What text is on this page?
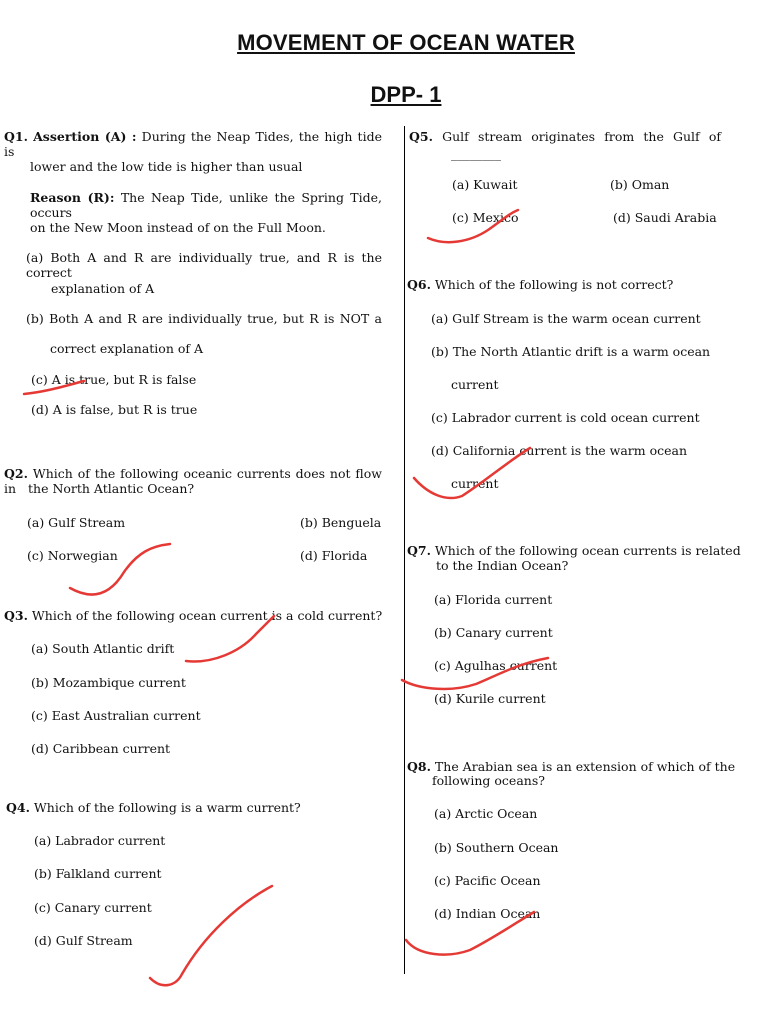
MOVEMENT OF OCEAN WATER
DPP- 1
Q1. Assertion (A) : During the Neap Tides, the high tide is
lower and the low tide is higher than usual
Reason (R): The Neap Tide, unlike the Spring Tide, occurs
on the New Moon instead of on the Full Moon.
(a) Both A and R are individually true, and R is the correct
explanation of A
(b) Both A and R are individually true, but R is NOT a
correct explanation of A
(c) A is true, but R is false
(d) A is false, but R is true
Q2. Which of the following oceanic currents does not flow in the North Atlantic Ocean?
(a) Gulf Stream	(b) Benguela
(c) Norwegian	(d) Florida
Q3. Which of the following ocean current is a cold current?
(a) South Atlantic drift
(b) Mozambique current
(c) East Australian current
(d) Caribbean current
Q4. Which of the following is a warm current?
(a) Labrador current
(b) Falkland current
(c) Canary current
(d) Gulf Stream
Q5. Gulf stream originates from the Gulf of
________
(a) Kuwait	(b) Oman
(c) Mexico	(d) Saudi Arabia
Q6. Which of the following is not correct?
(a) Gulf Stream is the warm ocean current
(b) The North Atlantic drift is a warm ocean
current
(c) Labrador current is cold ocean current
(d) California current is the warm ocean
current
Q7. Which of the following ocean currents is related
to the Indian Ocean?
(a) Florida current
(b) Canary current
(c) Agulhas current
(d) Kurile current
Q8. The Arabian sea is an extension of which of the
following oceans?
(a) Arctic Ocean
(b) Southern Ocean
(c) Pacific Ocean
(d) Indian Ocean
